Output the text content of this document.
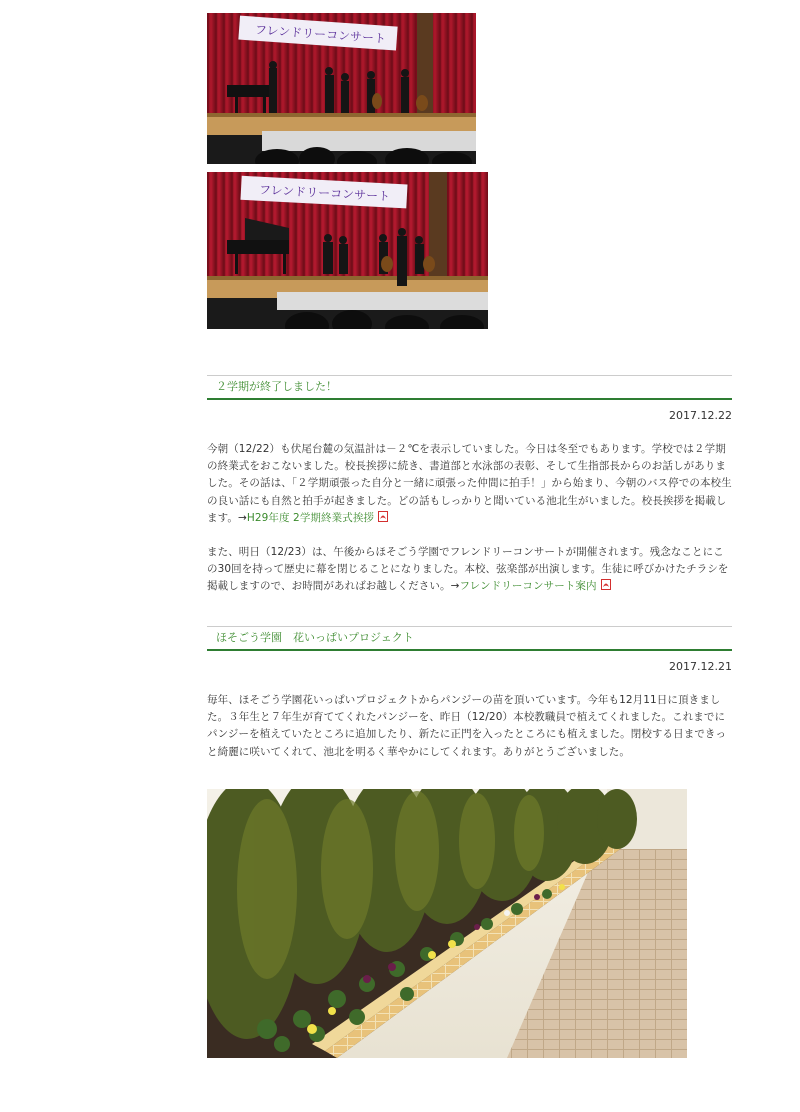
フレンドリーコンサート
フレンドリーコンサート
２学期が終了しました！
2017.12.22

今朝（12/22）も伏尾台麓の気温計は－２℃を表示していました。今日は冬至でもあります。学校では２学期の終業式をおこないました。校長挨拶に続き、書道部と水泳部の表彰、そして生指部長からのお話しがありました。その話は、「２学期頑張った自分と一緒に頑張った仲間に拍手！」から始まり、今朝のバス停での本校生の良い話にも自然と拍手が起きました。どの話もしっかりと聞いている池北生がいました。校長挨拶を掲載します。→H29年度 2学期終業式挨拶

また、明日（12/23）は、午後からほそごう学園でフレンドリーコンサートが開催されます。残念なことにこの30回を持って歴史に幕を閉じることになりました。本校、弦楽部が出演します。生徒に呼びかけたチラシを掲載しますので、お時間があればお越しください。→フレンドリーコンサート案内

ほそごう学園　花いっぱいプロジェクト
2017.12.21

毎年、ほそごう学園花いっぱいプロジェクトからパンジーの苗を頂いています。今年も12月11日に頂きました。３年生と７年生が育ててくれたパンジーを、昨日（12/20）本校教職員で植えてくれました。これまでにパンジーを植えていたところに追加したり、新たに正門を入ったところにも植えました。閉校する日まできっと綺麗に咲いてくれて、池北を明るく華やかにしてくれます。ありがとうございました。
